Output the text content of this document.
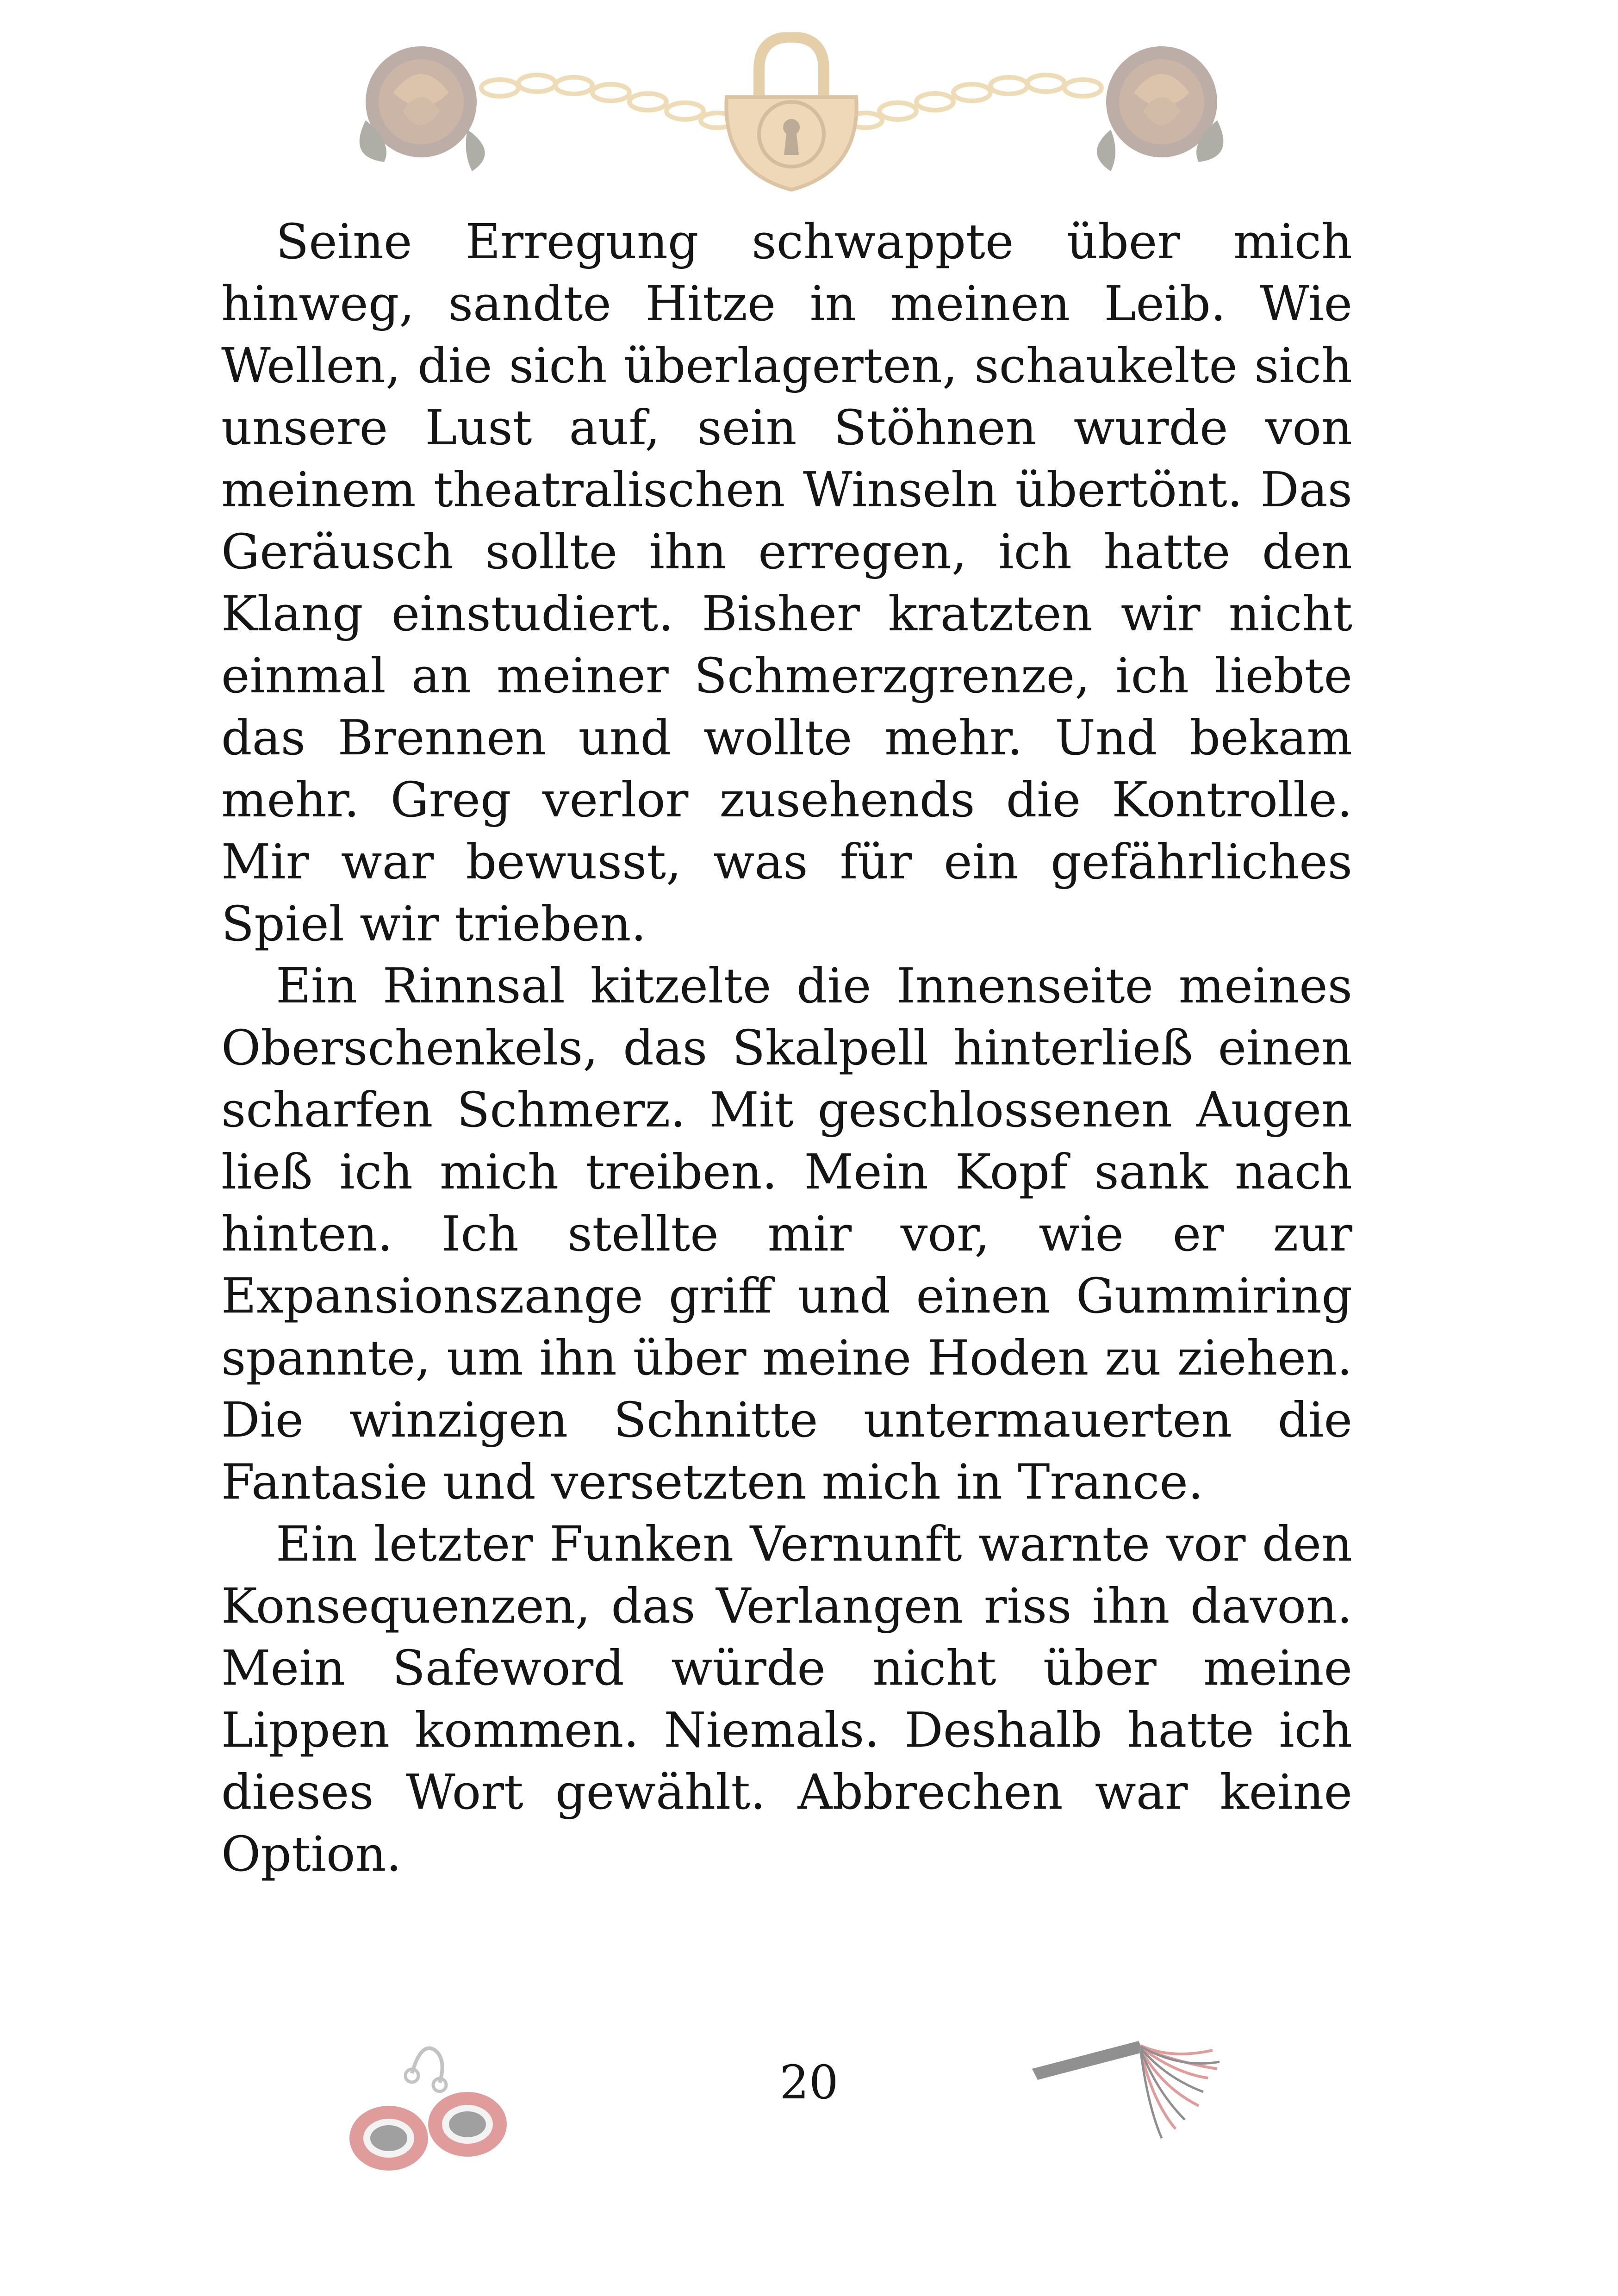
Seine Erregung schwappte über mich hinweg, sandte Hitze in meinen Leib. Wie Wellen, die sich überlagerten, schaukelte sich unsere Lust auf, sein Stöhnen wurde von meinem theatralischen Winseln übertönt. Das Geräusch sollte ihn erregen, ich hatte den Klang einstudiert. Bisher kratzten wir nicht einmal an meiner Schmerzgrenze, ich liebte das Brennen und wollte mehr. Und bekam mehr. Greg verlor zusehends die Kontrolle. Mir war bewusst, was für ein gefährliches Spiel wir trieben.

Ein Rinnsal kitzelte die Innenseite meines Oberschenkels, das Skalpell hinterließ einen scharfen Schmerz. Mit geschlossenen Augen ließ ich mich treiben. Mein Kopf sank nach hinten. Ich stellte mir vor, wie er zur Expansionszange griff und einen Gummiring spannte, um ihn über meine Hoden zu ziehen. Die winzigen Schnitte untermauerten die Fantasie und versetzten mich in Trance.

Ein letzter Funken Vernunft warnte vor den Konsequenzen, das Verlangen riss ihn davon. Mein Safeword würde nicht über meine Lippen kommen. Niemals. Deshalb hatte ich dieses Wort gewählt. Abbrechen war keine Option.

20
